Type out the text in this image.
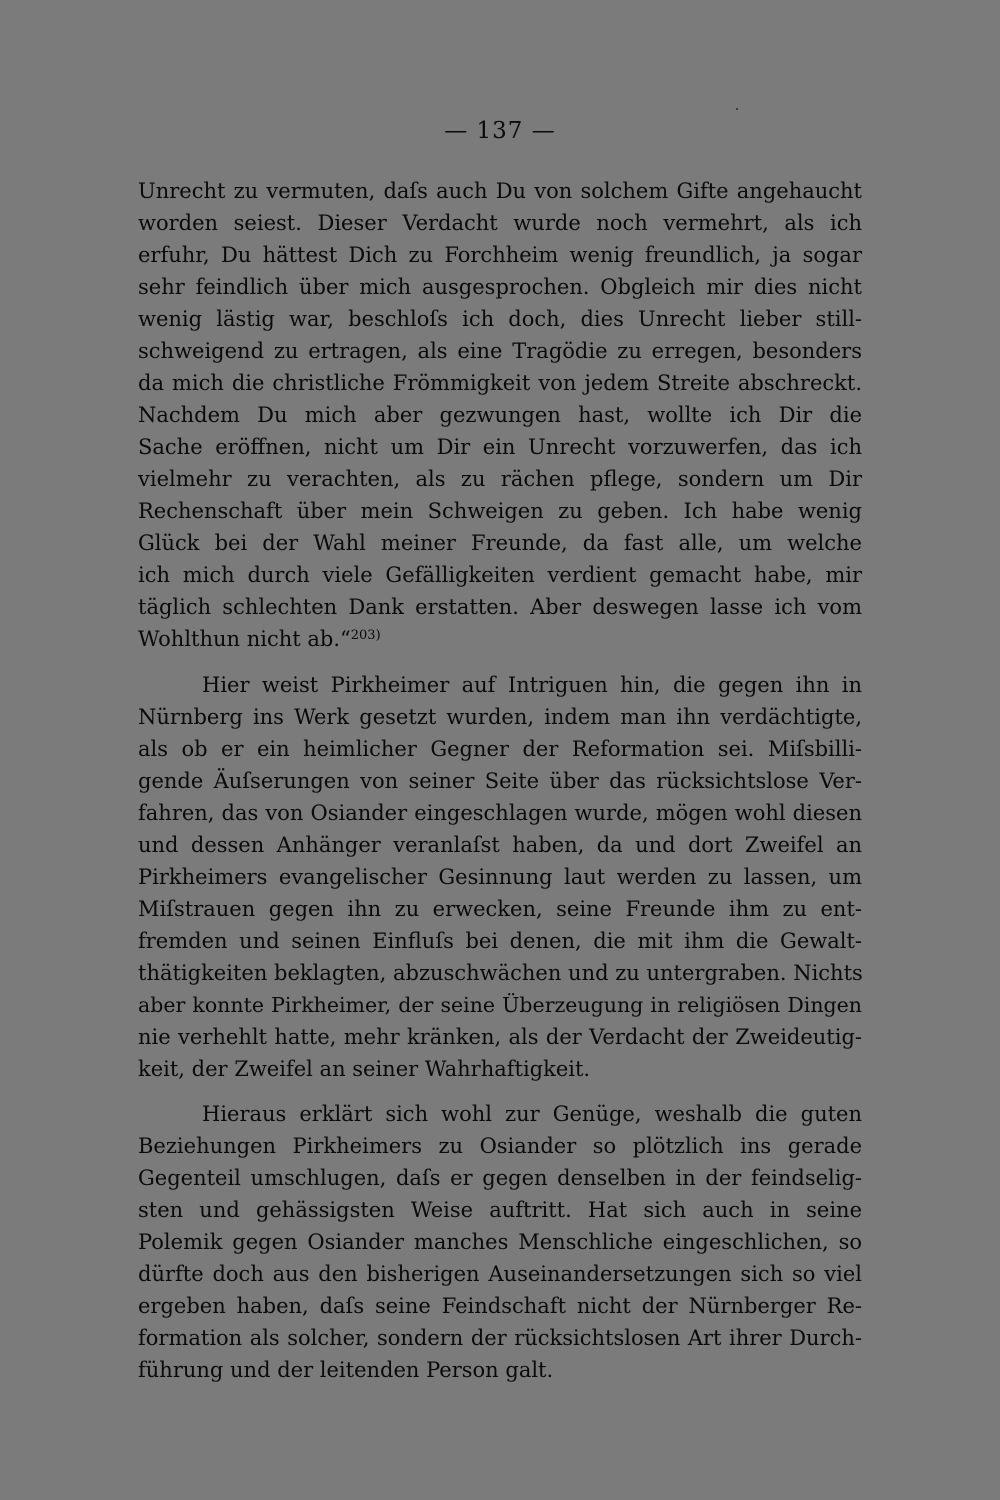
— 137 —
Unrecht zu vermuten, daſs auch Du von solchem Gifte angehaucht
worden seiest. Dieser Verdacht wurde noch vermehrt, als ich
erfuhr, Du hättest Dich zu Forchheim wenig freundlich, ja sogar
sehr feindlich über mich ausgesprochen. Obgleich mir dies nicht
wenig lästig war, beschloſs ich doch, dies Unrecht lieber still-
schweigend zu ertragen, als eine Tragödie zu erregen, besonders
da mich die christliche Frömmigkeit von jedem Streite abschreckt.
Nachdem Du mich aber gezwungen hast, wollte ich Dir die
Sache eröffnen, nicht um Dir ein Unrecht vorzuwerfen, das ich
vielmehr zu verachten, als zu rächen pflege, sondern um Dir
Rechenschaft über mein Schweigen zu geben. Ich habe wenig
Glück bei der Wahl meiner Freunde, da fast alle, um welche
ich mich durch viele Gefälligkeiten verdient gemacht habe, mir
täglich schlechten Dank erstatten. Aber deswegen lasse ich vom
Wohlthun nicht ab.“$^{203)}$
Hier weist Pirkheimer auf Intriguen hin, die gegen ihn in
Nürnberg ins Werk gesetzt wurden, indem man ihn verdächtigte,
als ob er ein heimlicher Gegner der Reformation sei. Miſsbilli-
gende Äuſserungen von seiner Seite über das rücksichtslose Ver-
fahren, das von Osiander eingeschlagen wurde, mögen wohl diesen
und dessen Anhänger veranlaſst haben, da und dort Zweifel an
Pirkheimers evangelischer Gesinnung laut werden zu lassen, um
Miſstrauen gegen ihn zu erwecken, seine Freunde ihm zu ent-
fremden und seinen Einfluſs bei denen, die mit ihm die Gewalt-
thätigkeiten beklagten, abzuschwächen und zu untergraben. Nichts
aber konnte Pirkheimer, der seine Überzeugung in religiösen Dingen
nie verhehlt hatte, mehr kränken, als der Verdacht der Zweideutig-
keit, der Zweifel an seiner Wahrhaftigkeit.
Hieraus erklärt sich wohl zur Genüge, weshalb die guten
Beziehungen Pirkheimers zu Osiander so plötzlich ins gerade
Gegenteil umschlugen, daſs er gegen denselben in der feindselig-
sten und gehässigsten Weise auftritt. Hat sich auch in seine
Polemik gegen Osiander manches Menschliche eingeschlichen, so
dürfte doch aus den bisherigen Auseinandersetzungen sich so viel
ergeben haben, daſs seine Feindschaft nicht der Nürnberger Re-
formation als solcher, sondern der rücksichtslosen Art ihrer Durch-
führung und der leitenden Person galt.
